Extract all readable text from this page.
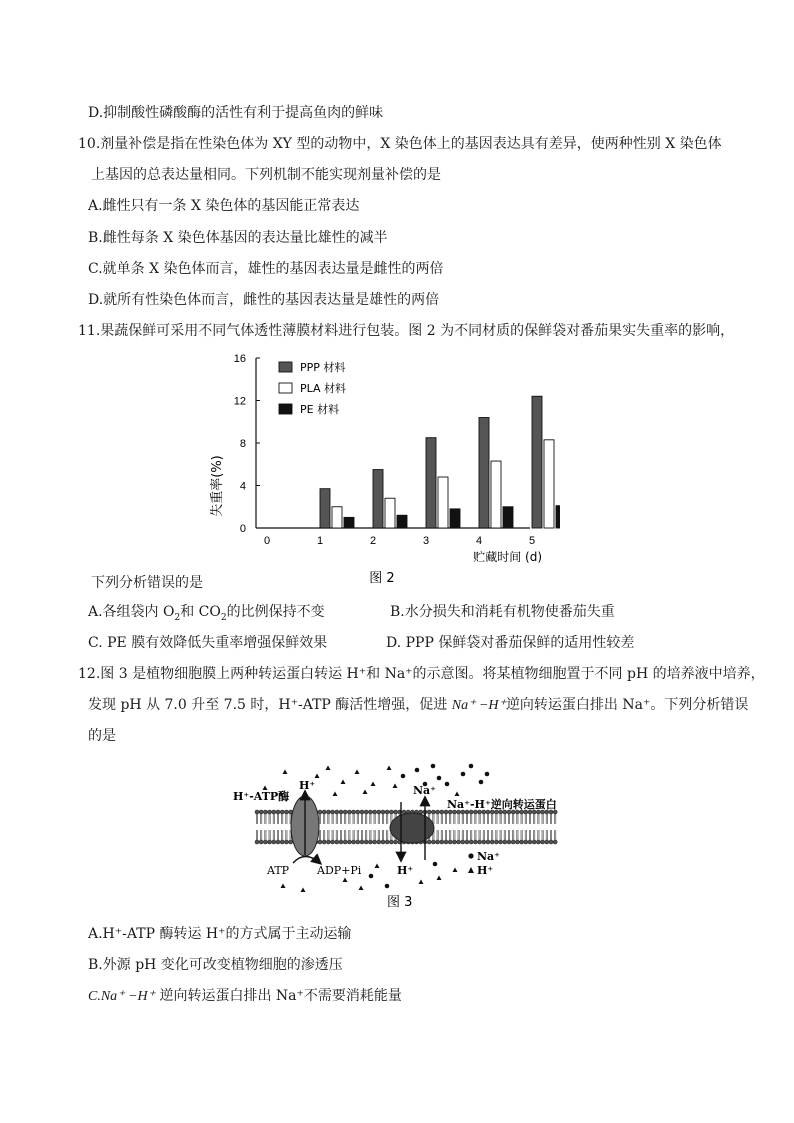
D.抑制酸性磷酸酶的活性有利于提高鱼肉的鲜味
10.剂量补偿是指在性染色体为 XY 型的动物中，X 染色体上的基因表达具有差异，使两种性别 X 染色体
上基因的总表达量相同。下列机制不能实现剂量补偿的是
A.雌性只有一条 X 染色体的基因能正常表达
B.雌性每条 X 染色体基因的表达量比雄性的减半
C.就单条 X 染色体而言，雄性的基因表达量是雌性的两倍
D.就所有性染色体而言，雌性的基因表达量是雄性的两倍
11.果蔬保鲜可采用不同气体透性薄膜材料进行包装。图 2 为不同材质的保鲜袋对番茄果实失重率的影响，
0
4
8
12
16
0	1	2	3	4	5
PPP 材料
PLA 材料
PE 材料
失重率(%)
贮藏时间 (d)
图 2
下列分析错误的是
A.各组袋内 $O_2$和 $CO_2$的比例保持不变	B.水分损失和消耗有机物使番茄失重
C. PE 膜有效降低失重率增强保鲜效果	D. PPP 保鲜袋对番茄保鲜的适用性较差
12.图 3 是植物细胞膜上两种转运蛋白转运 H⁺和 Na⁺的示意图。将某植物细胞置于不同 pH 的培养液中培养，
发现 pH 从 7.0 升至 7.5 时，H⁺-ATP 酶活性增强，促进 Na⁺ −H⁺逆向转运蛋白排出 Na⁺。下列分析错误
的是
H⁺-ATP酶
H⁺	Na⁺
Na⁺-H⁺逆向转运蛋白
ATP	ADP+Pi	H⁺
Na⁺
H⁺
图 3
A.H⁺-ATP 酶转运 H⁺的方式属于主动运输
B.外源 pH 变化可改变植物细胞的渗透压
C.Na⁺ −H⁺ 逆向转运蛋白排出 Na⁺不需要消耗能量
